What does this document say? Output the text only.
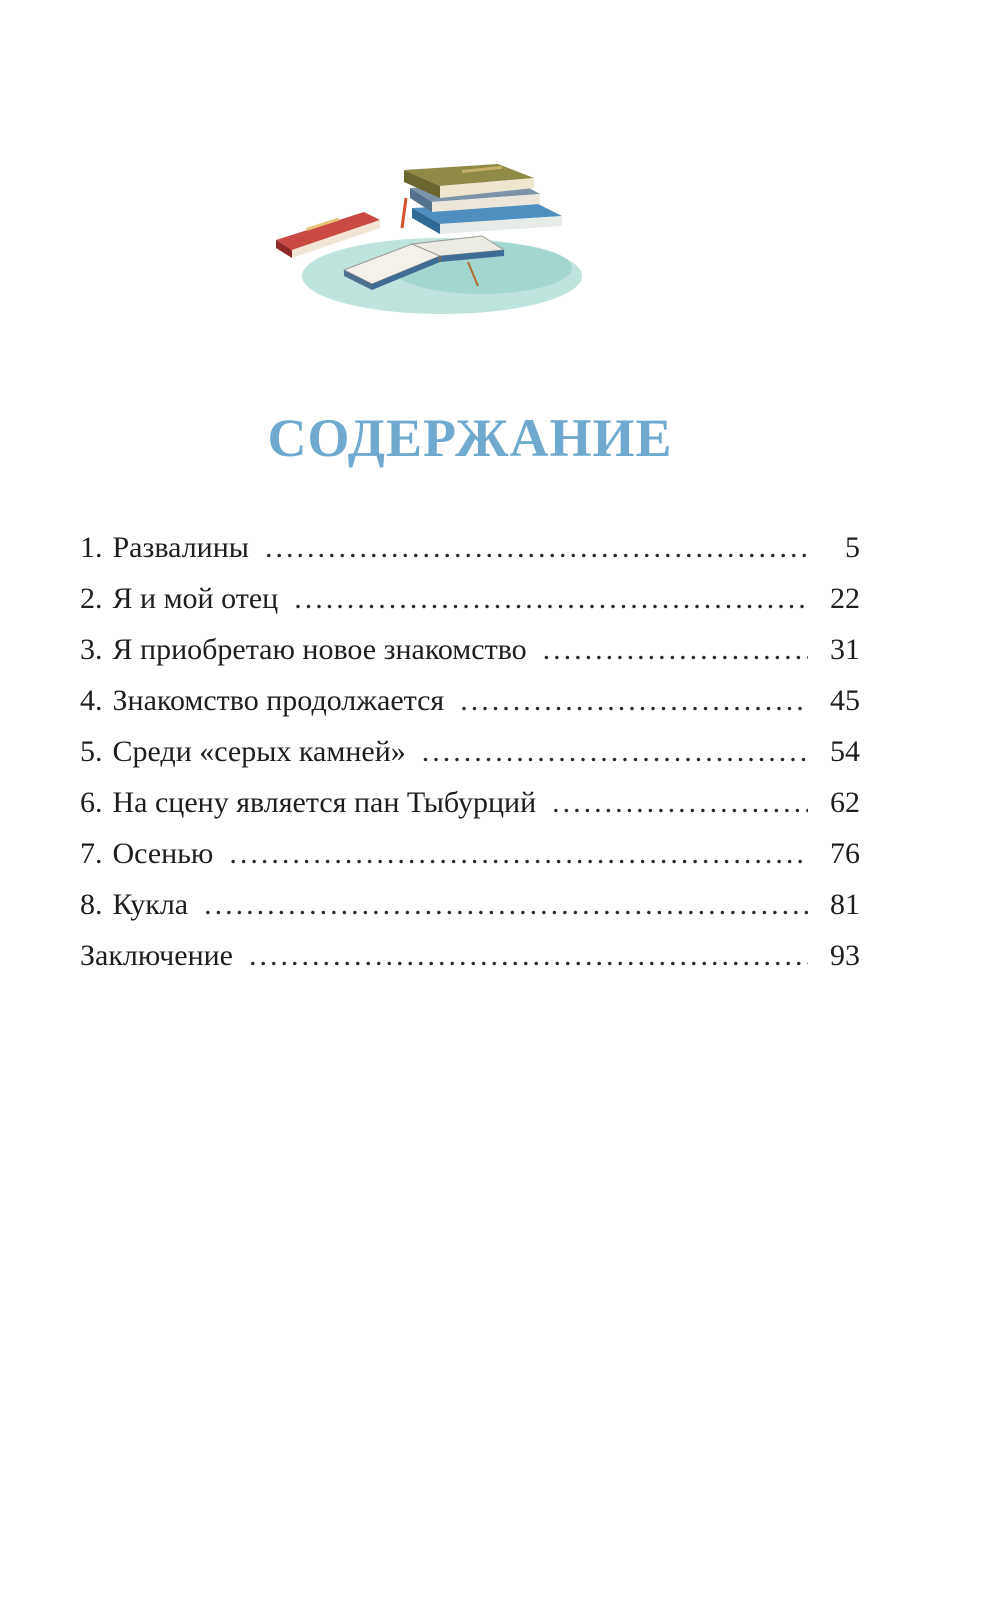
СОДЕРЖАНИЕ
1. Развалины .....	5
2. Я и мой отец .....	22
3. Я приобретаю новое знакомство .....	31
4. Знакомство продолжается .....	45
5. Среди «серых камней» .....	54
6. На сцену является пан Тыбурций .....	62
7. Осенью .....	76
8. Кукла .....	81
Заключение .....	93
